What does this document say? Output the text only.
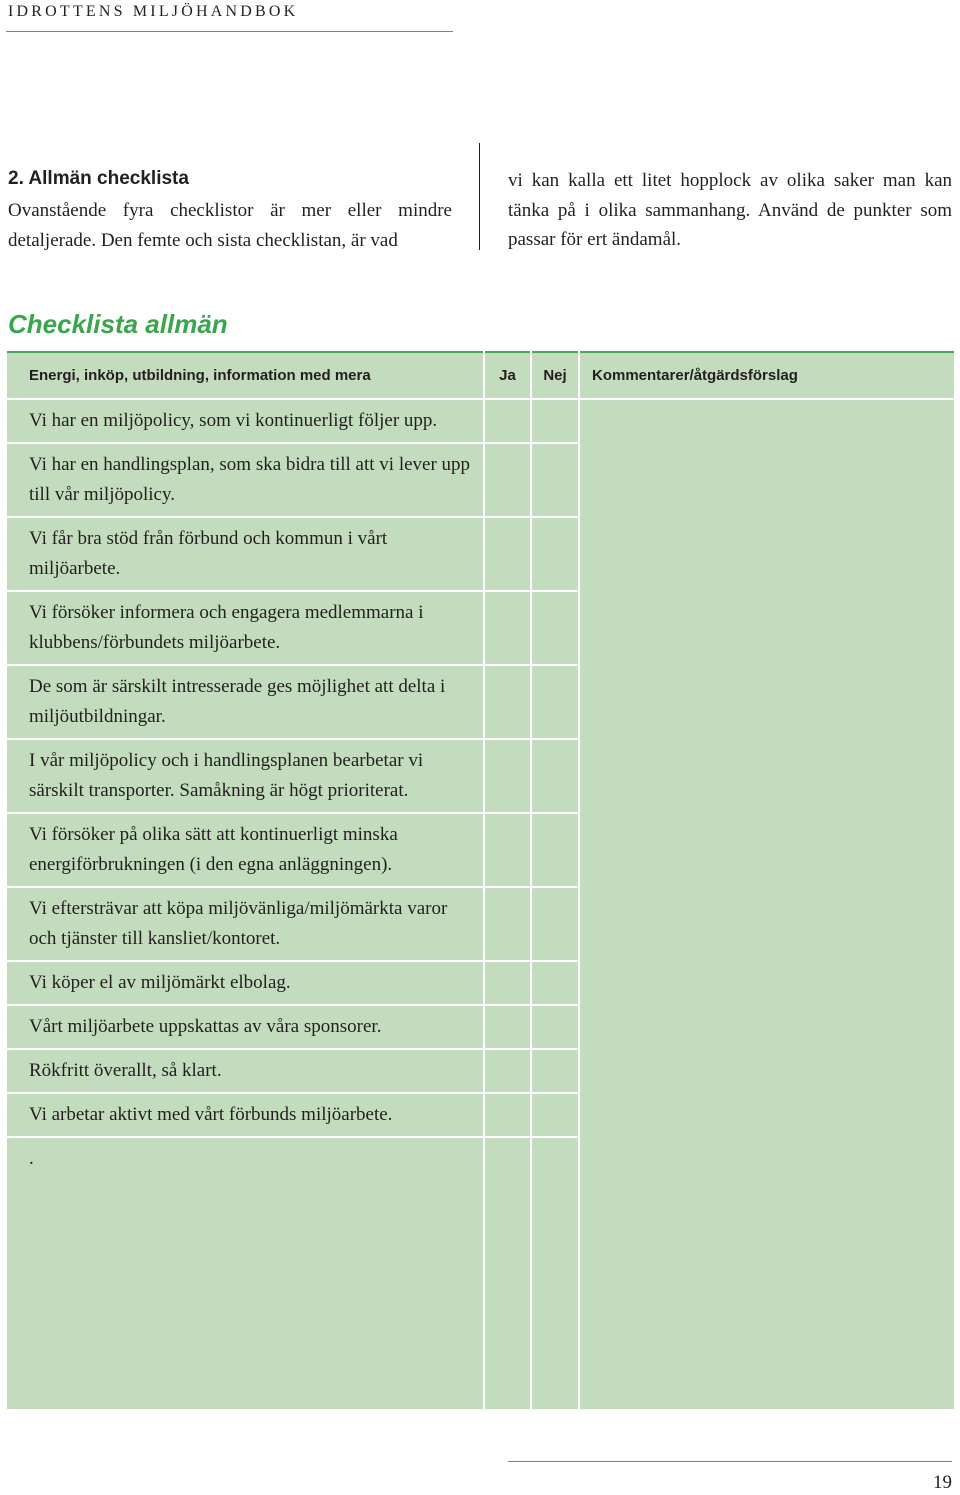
IDROTTENS MILJÖHANDBOK
2. Allmän checklista
Ovanstående fyra checklistor är mer eller mindre detaljerade. Den femte och sista checklistan, är vad
vi kan kalla ett litet hopplock av olika saker man kan tänka på i olika sammanhang. Använd de punkter som passar för ert ändamål.
Checklista allmän
Energi, inköp, utbildning, information med mera	Ja	Nej	Kommentarer/åtgärdsförslag
Vi har en miljöpolicy, som vi kontinuerligt följer upp.
Vi har en handlingsplan, som ska bidra till att vi lever upp till vår miljöpolicy.
Vi får bra stöd från förbund och kommun i vårt miljöarbete.
Vi försöker informera och engagera medlemmarna i klubbens/förbundets miljöarbete.
De som är särskilt intresserade ges möjlighet att delta i miljöutbildningar.
I vår miljöpolicy och i handlingsplanen bearbetar vi särskilt transporter. Samåkning är högt prioriterat.
Vi försöker på olika sätt att kontinuerligt minska energiförbrukningen (i den egna anläggningen).
Vi eftersträvar att köpa miljövänliga/miljömärkta varor och tjänster till kansliet/kontoret.
Vi köper el av miljömärkt elbolag.
Vårt miljöarbete uppskattas av våra sponsorer.
Rökfritt överallt, så klart.
Vi arbetar aktivt med vårt förbunds miljöarbete.
.
19
